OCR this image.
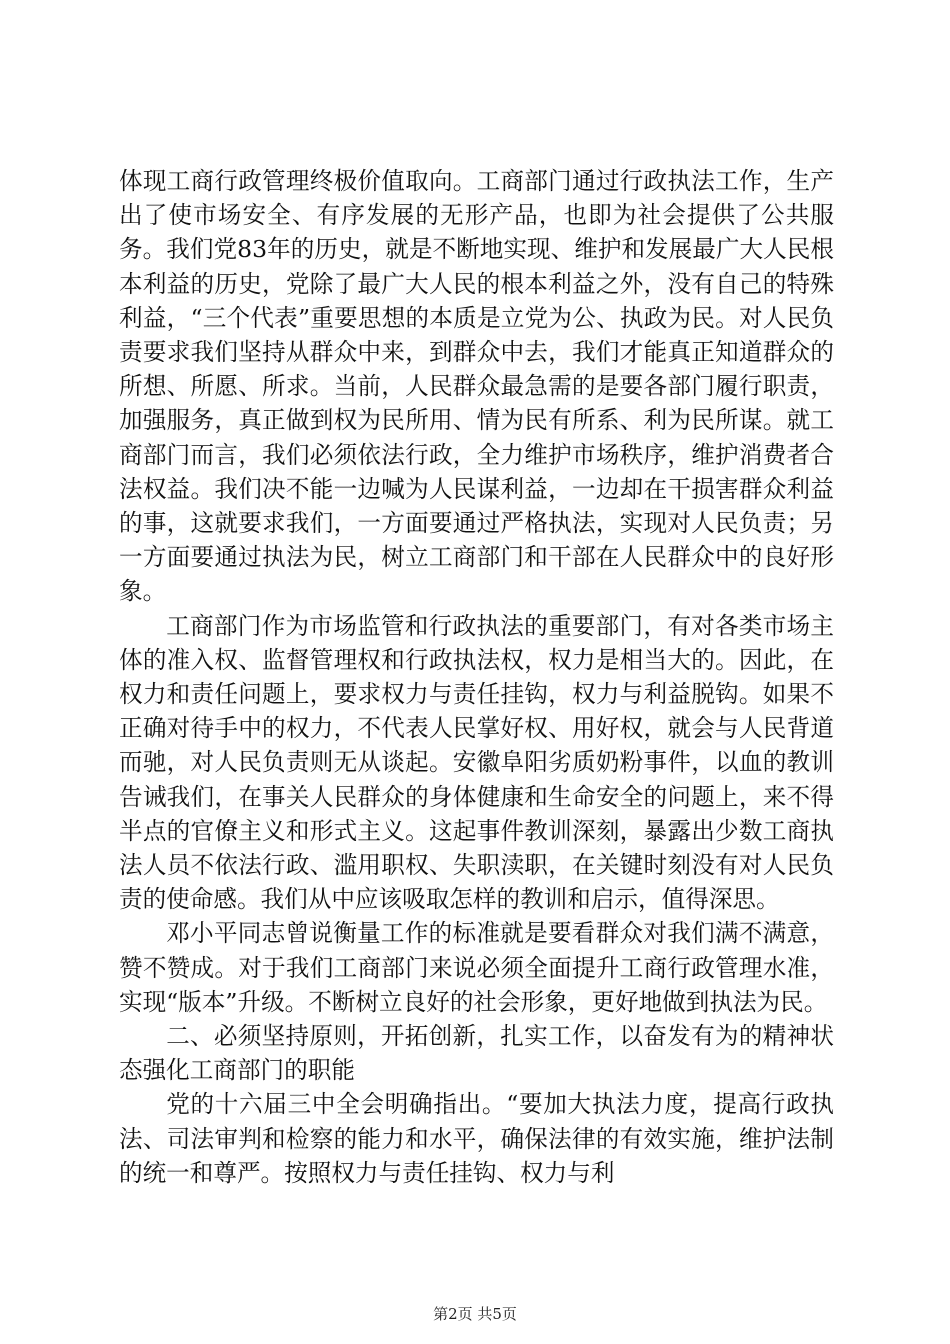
体现工商行政管理终极价值取向。工商部门通过行政执法工作，生产出了使市场安全、有序发展的无形产品，也即为社会提供了公共服务。我们党83年的历史，就是不断地实现、维护和发展最广大人民根本利益的历史，党除了最广大人民的根本利益之外，没有自己的特殊利益，“三个代表”重要思想的本质是立党为公、执政为民。对人民负责要求我们坚持从群众中来，到群众中去，我们才能真正知道群众的所想、所愿、所求。当前，人民群众最急需的是要各部门履行职责，加强服务，真正做到权为民所用、情为民有所系、利为民所谋。就工商部门而言，我们必须依法行政，全力维护市场秩序，维护消费者合法权益。我们决不能一边喊为人民谋利益，一边却在干损害群众利益的事，这就要求我们，一方面要通过严格执法，实现对人民负责；另一方面要通过执法为民，树立工商部门和干部在人民群众中的良好形象。

工商部门作为市场监管和行政执法的重要部门，有对各类市场主体的准入权、监督管理权和行政执法权，权力是相当大的。因此，在权力和责任问题上，要求权力与责任挂钩，权力与利益脱钩。如果不正确对待手中的权力，不代表人民掌好权、用好权，就会与人民背道而驰，对人民负责则无从谈起。安徽阜阳劣质奶粉事件，以血的教训告诫我们，在事关人民群众的身体健康和生命安全的问题上，来不得半点的官僚主义和形式主义。这起事件教训深刻，暴露出少数工商执法人员不依法行政、滥用职权、失职渎职，在关键时刻没有对人民负责的使命感。我们从中应该吸取怎样的教训和启示，值得深思。

邓小平同志曾说衡量工作的标准就是要看群众对我们满不满意，赞不赞成。对于我们工商部门来说必须全面提升工商行政管理水准，实现“版本”升级。不断树立良好的社会形象，更好地做到执法为民。

二、必须坚持原则，开拓创新，扎实工作，以奋发有为的精神状态强化工商部门的职能

党的十六届三中全会明确指出。“要加大执法力度，提高行政执法、司法审判和检察的能力和水平，确保法律的有效实施，维护法制的统一和尊严。按照权力与责任挂钩、权力与利

第2页 共5页
